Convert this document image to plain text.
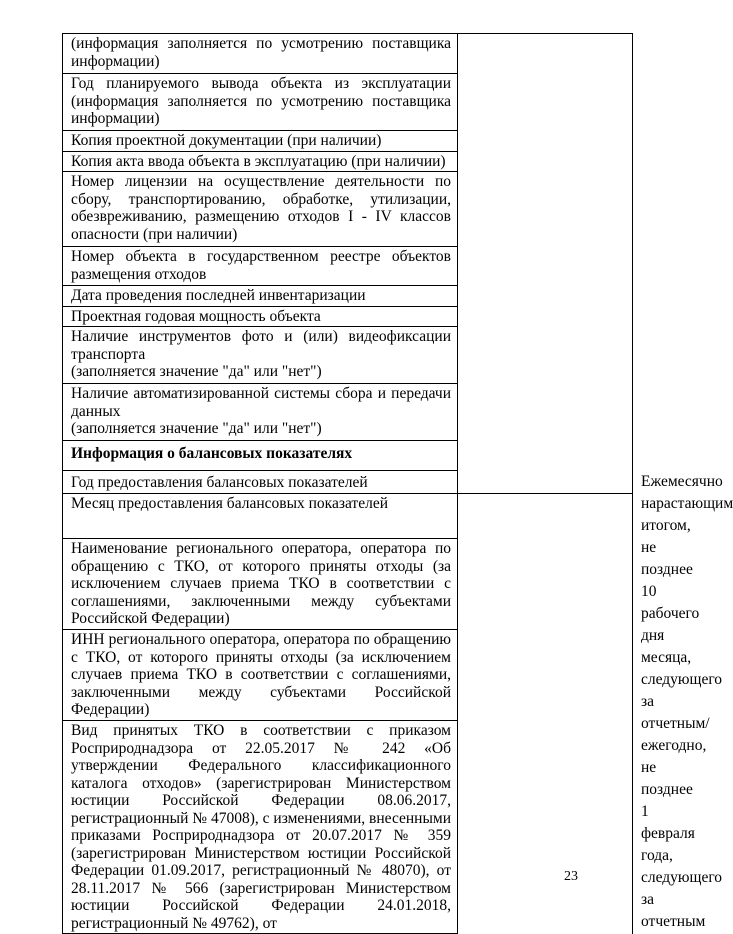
(информация заполняется по усмотрению поставщика информации)		
Год планируемого вывода объекта из эксплуатации (информация заполняется по усмотрению поставщика информации)		
Копия проектной документации (при наличии)		
Копия акта ввода объекта в эксплуатацию (при наличии)		
Номер лицензии на осуществление деятельности по сбору, транспортированию, обработке, утилизации, обезвреживанию, размещению отходов I - IV классов опасности (при наличии)		
Номер объекта в государственном реестре объектов размещения отходов		
Дата проведения последней инвентаризации		
Проектная годовая мощность объекта		
Наличие инструментов фото и (или) видеофиксации транспорта
(заполняется значение "да" или "нет")		

Наличие автоматизированной системы сбора и передачи данных
(заполняется значение "да" или "нет")		

Информация о балансовых показателях		
Год предоставления балансовых показателей		Ежемесячно нарастающим итогом, не позднее 10 рабочего дня месяца, следующего за отчетным/ежегодно, не позднее 1 февраля года, следующего за отчетным

Месяц предоставления балансовых показателей		
Наименование регионального оператора, оператора по обращению с ТКО, от которого приняты отходы (за исключением случаев приема ТКО в соответствии с соглашениями, заключенными между субъектами Российской Федерации)		
ИНН регионального оператора, оператора по обращению с ТКО, от которого приняты отходы (за исключением случаев приема ТКО в соответствии с соглашениями, заключенными между субъектами Российской Федерации)		
Вид принятых ТКО в соответствии с приказом Росприроднадзора от 22.05.2017 № 242 «Об утверждении Федерального классификационного каталога отходов» (зарегистрирован Министерством юстиции Российской Федерации 08.06.2017, регистрационный № 47008), с изменениями, внесенными приказами Росприроднадзора от 20.07.2017 № 359 (зарегистрирован Министерством юстиции Российской Федерации 01.09.2017, регистрационный № 48070), от 28.11.2017 № 566 (зарегистрирован Министерством юстиции Российской Федерации 24.01.2018, регистрационный № 49762), от		
23
